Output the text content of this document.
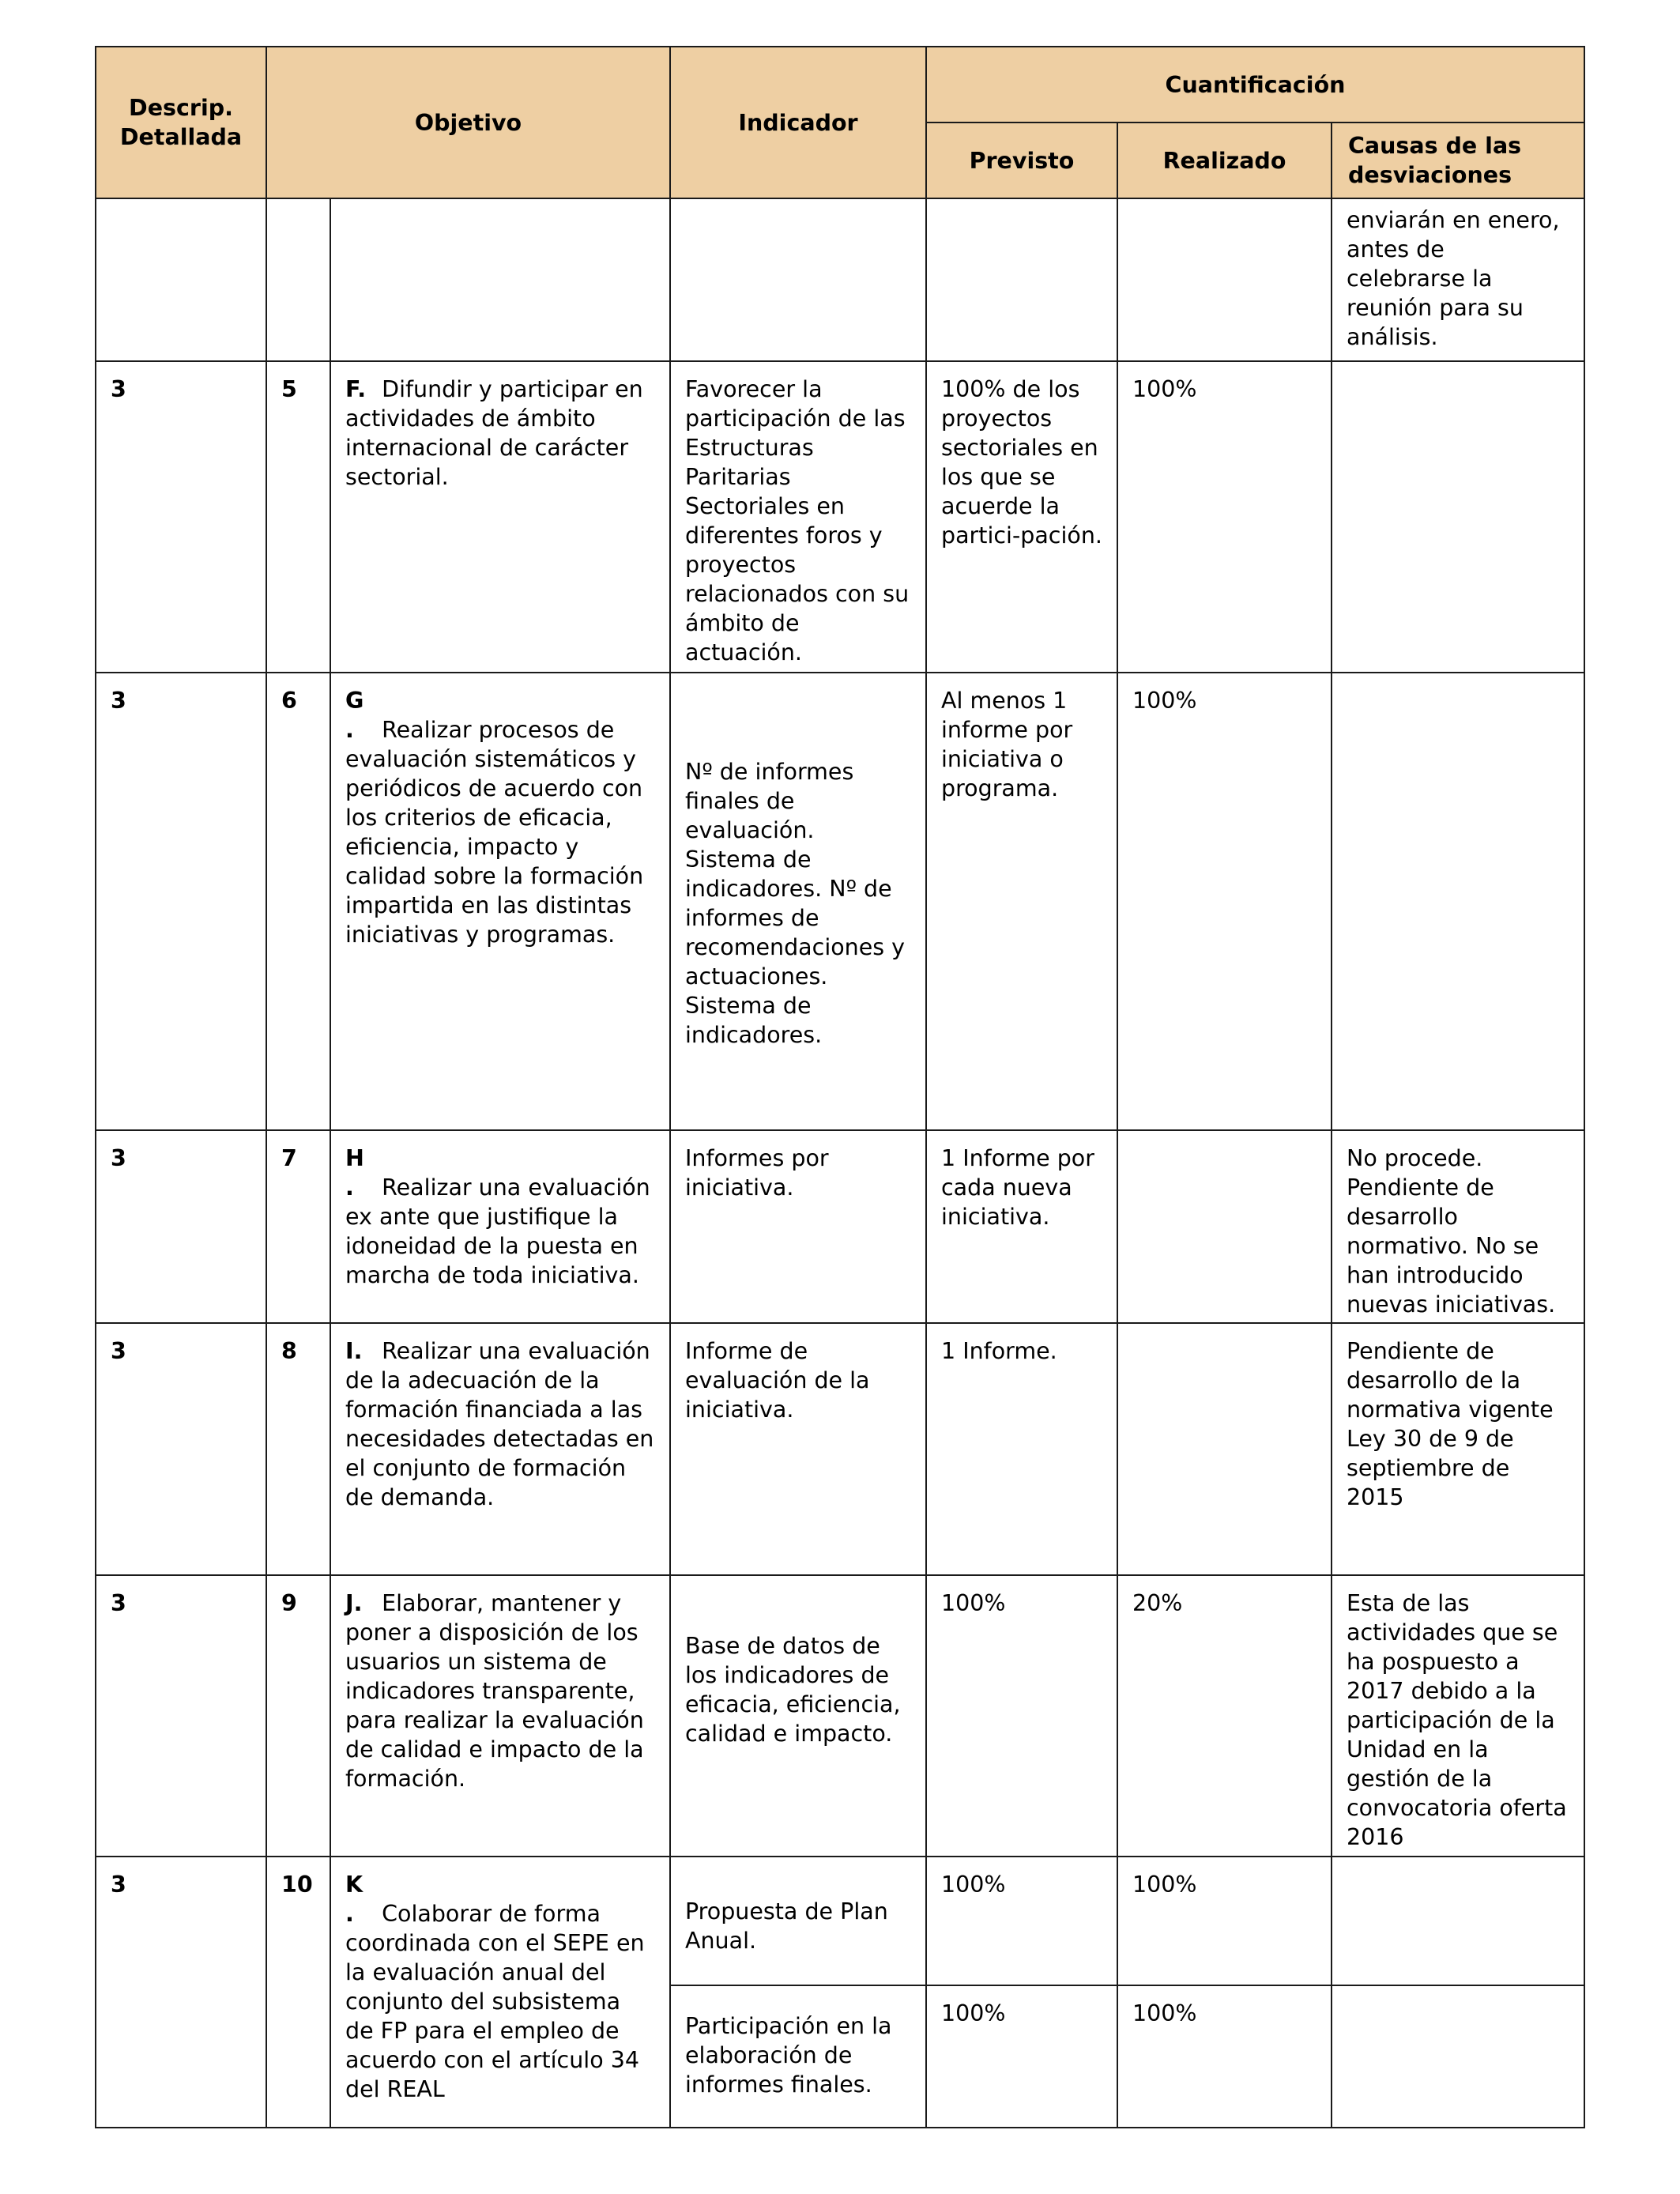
Descrip. Detallada	Objetivo		Indicador	Cuantificación		
				Previsto	Realizado	Causas de las desviaciones
						enviarán en enero, antes de celebrarse la reunión para su análisis.
3	5	F. Difundir y participar en actividades de ámbito internacional de carácter sectorial.	Favorecer la participación de las Estructuras Paritarias Sectoriales en diferentes foros y proyectos relacionados con su ámbito de actuación.	100% de los proyectos sectoriales en los que se acuerde la partici-pación.	100%	
3	6	G. Realizar procesos de evaluación sistemáticos y periódicos de acuerdo con los criterios de eficacia, eficiencia, impacto y calidad sobre la formación impartida en las distintas iniciativas y programas.	Nº de informes finales de evaluación. Sistema de indicadores. Nº de informes de recomendaciones y actuaciones. Sistema de indicadores.	Al menos 1 informe por iniciativa o programa.	100%	
3	7	H. Realizar una evaluación ex ante que justifique la idoneidad de la puesta en marcha de toda iniciativa.	Informes por iniciativa.	1 Informe por cada nueva iniciativa.		No procede. Pendiente de desarrollo normativo. No se han introducido nuevas iniciativas.
3	8	I. Realizar una evaluación de la adecuación de la formación financiada a las necesidades detectadas en el conjunto de formación de demanda.	Informe de evaluación de la iniciativa.	1 Informe.		Pendiente de desarrollo de la normativa vigente Ley 30 de 9 de septiembre de 2015
3	9	J. Elaborar, mantener y poner a disposición de los usuarios un sistema de indicadores transparente, para realizar la evaluación de calidad e impacto de la formación.	Base de datos de los indicadores de eficacia, eficiencia, calidad e impacto.	100%	20%	Esta de las actividades que se ha pospuesto a 2017 debido a la participación de la Unidad en la gestión de la convocatoria oferta 2016
3	10	K. Colaborar de forma coordinada con el SEPE en la evaluación anual del conjunto del subsistema de FP para el empleo de acuerdo con el artículo 34 del REAL	Propuesta de Plan Anual.	100%	100%	
			Participación en la elaboración de informes finales.	100%	100%	
